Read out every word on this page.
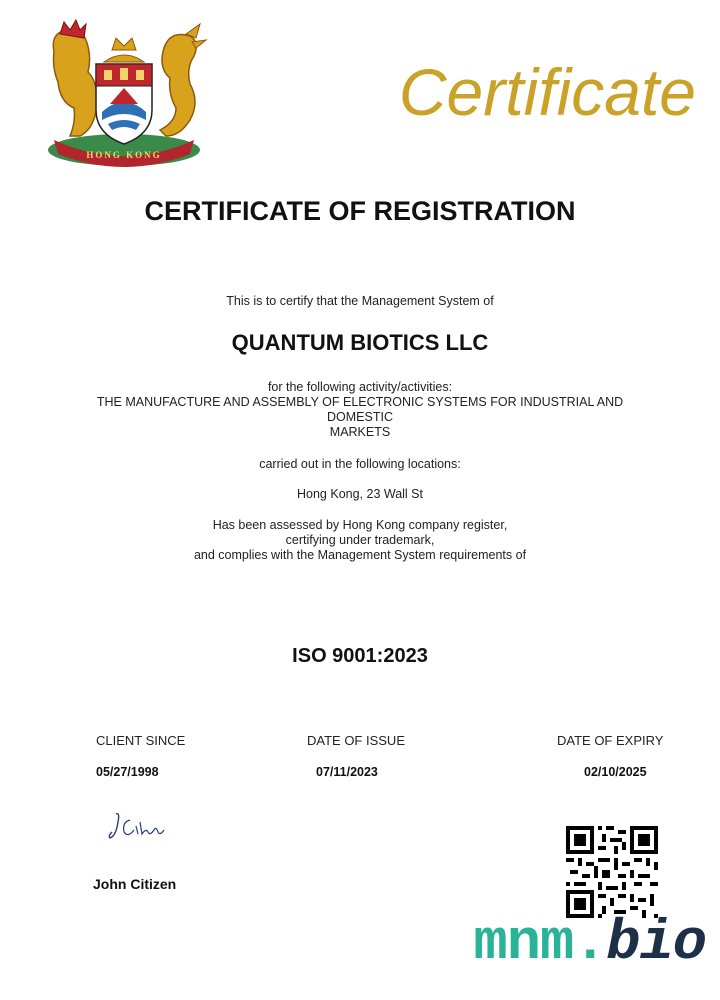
HONG KONG
Certificate
CERTIFICATE OF REGISTRATION
This is to certify that the Management System of
QUANTUM BIOTICS LLC
for the following activity/activities:
THE MANUFACTURE AND ASSEMBLY OF ELECTRONIC SYSTEMS FOR INDUSTRIAL AND
DOMESTIC
MARKETS
carried out in the following locations:
Hong Kong, 23 Wall St
Has been assessed by Hong Kong company register,
certifying under trademark,
and complies with the Management System requirements of
ISO 9001:2023
CLIENT SINCE	DATE OF ISSUE	DATE OF EXPIRY
05/27/1998	07/11/2023	02/10/2025
John Citizen
mnm.bio
